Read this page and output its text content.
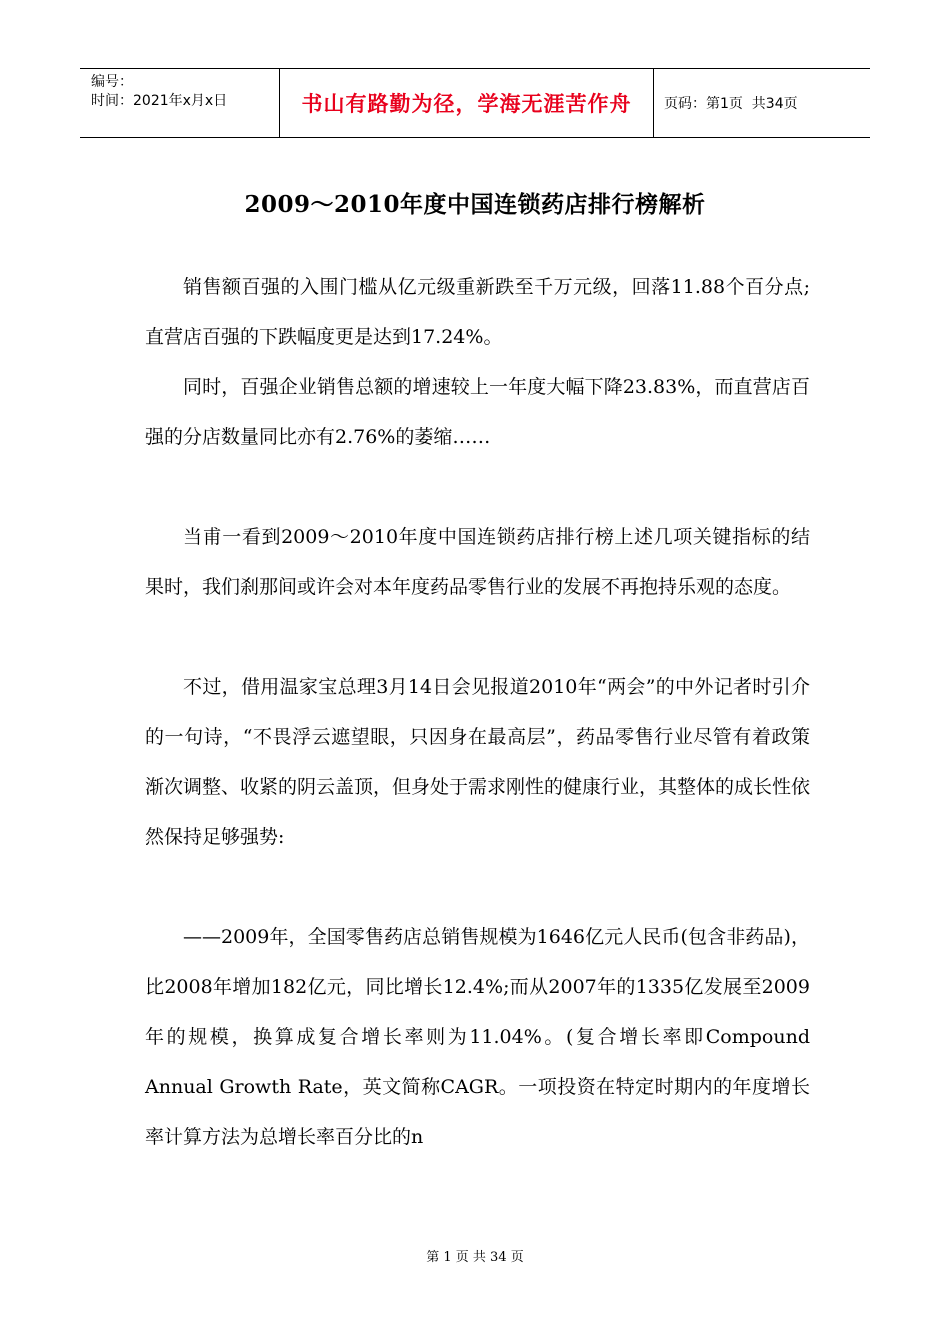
编号：
时间：2021年x月x日	书山有路勤为径，学海无涯苦作舟	页码：第1页  共34页
2009～2010年度中国连锁药店排行榜解析

销售额百强的入围门槛从亿元级重新跌至千万元级，回落11.88个百分点;直营店百强的下跌幅度更是达到17.24%。

同时，百强企业销售总额的增速较上一年度大幅下降23.83%，而直营店百强的分店数量同比亦有2.76%的萎缩……

当甫一看到2009～2010年度中国连锁药店排行榜上述几项关键指标的结果时，我们刹那间或许会对本年度药品零售行业的发展不再抱持乐观的态度。

不过，借用温家宝总理3月14日会见报道2010年“两会”的中外记者时引介的一句诗，“不畏浮云遮望眼，只因身在最高层”，药品零售行业尽管有着政策渐次调整、收紧的阴云盖顶，但身处于需求刚性的健康行业，其整体的成长性依然保持足够强势:

——2009年，全国零售药店总销售规模为1646亿元人民币(包含非药品)，比2008年增加182亿元，同比增长12.4%;而从2007年的1335亿发展至2009年的规模，换算成复合增长率则为11.04%。(复合增长率即Compound Annual Growth Rate，英文简称CAGR。一项投资在特定时期内的年度增长率计算方法为总增长率百分比的n

第 1 页 共 34 页
